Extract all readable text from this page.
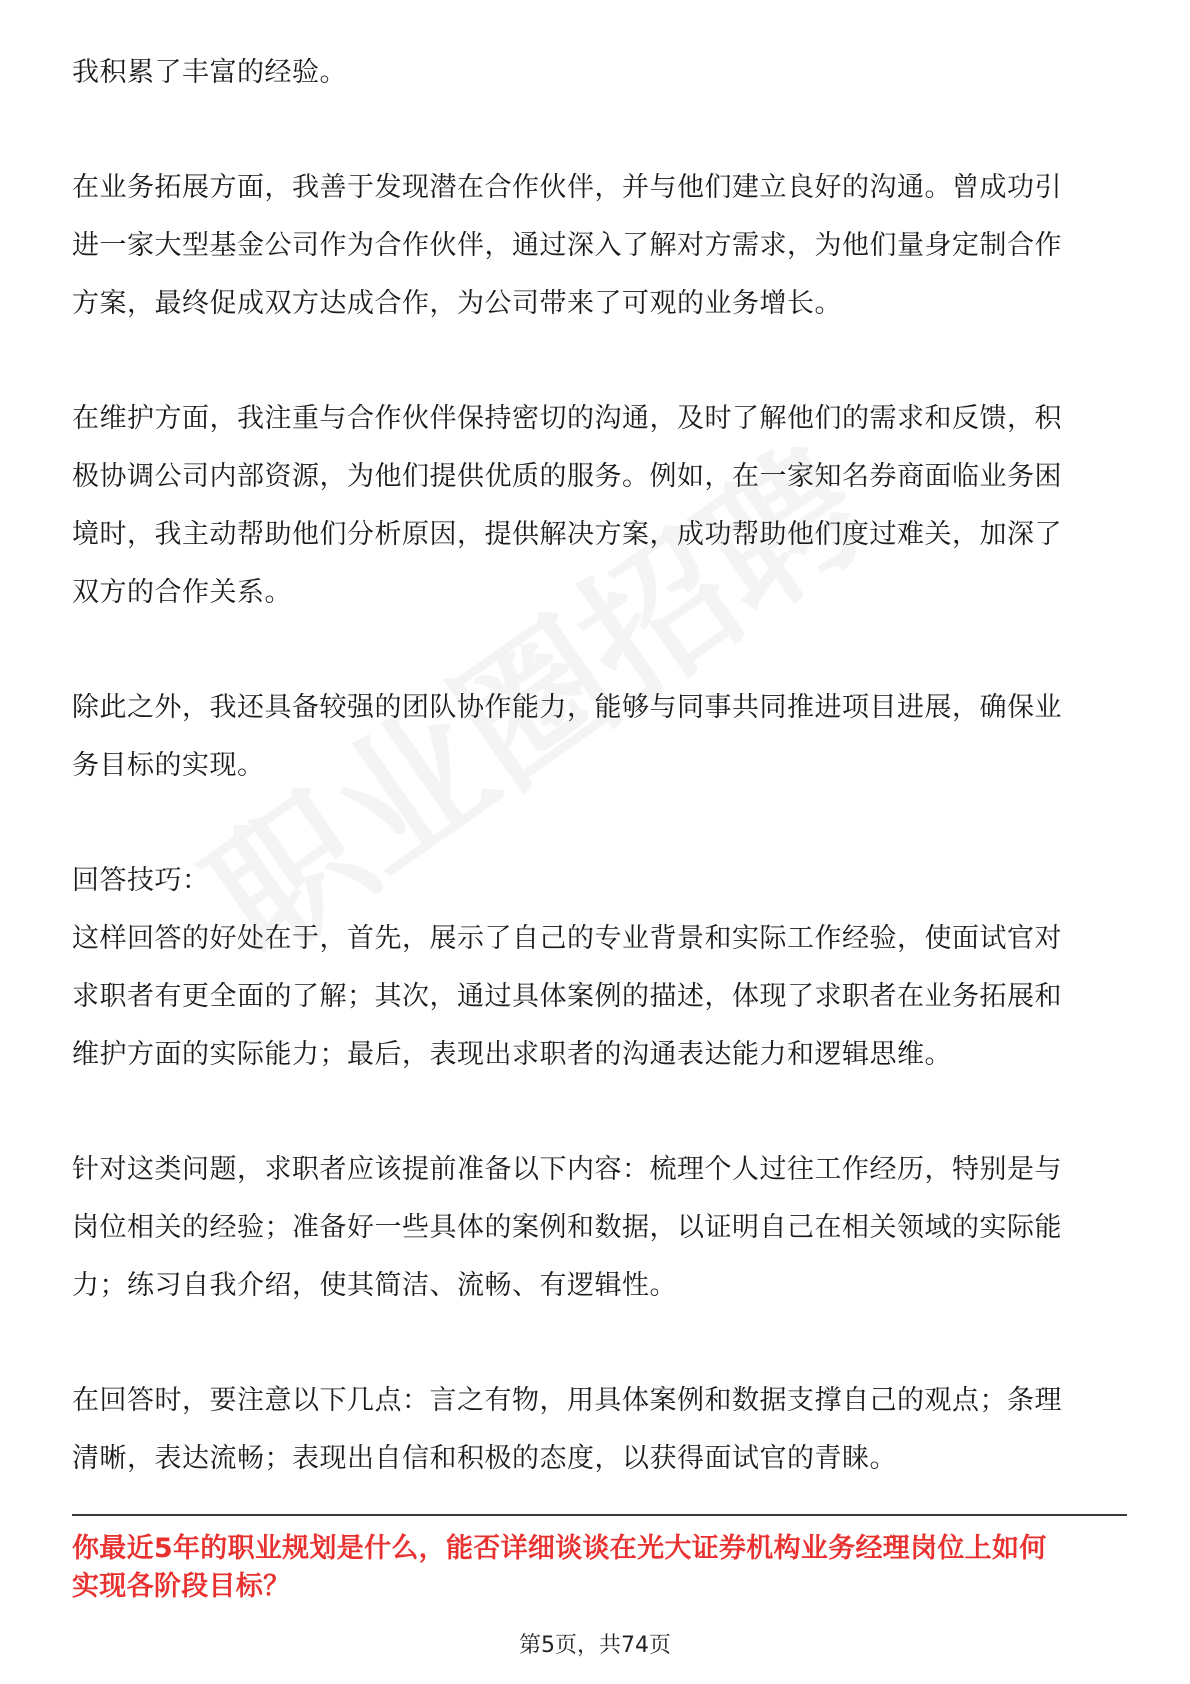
我积累了丰富的经验。

在业务拓展方面，我善于发现潜在合作伙伴，并与他们建立良好的沟通。曾成功引
进一家大型基金公司作为合作伙伴，通过深入了解对方需求，为他们量身定制合作
方案，最终促成双方达成合作，为公司带来了可观的业务增长。

在维护方面，我注重与合作伙伴保持密切的沟通，及时了解他们的需求和反馈，积
极协调公司内部资源，为他们提供优质的服务。例如，在一家知名券商面临业务困
境时，我主动帮助他们分析原因，提供解决方案，成功帮助他们度过难关，加深了
双方的合作关系。

除此之外，我还具备较强的团队协作能力，能够与同事共同推进项目进展，确保业
务目标的实现。

回答技巧：
这样回答的好处在于，首先，展示了自己的专业背景和实际工作经验，使面试官对
求职者有更全面的了解；其次，通过具体案例的描述，体现了求职者在业务拓展和
维护方面的实际能力；最后，表现出求职者的沟通表达能力和逻辑思维。

针对这类问题，求职者应该提前准备以下内容：梳理个人过往工作经历，特别是与
岗位相关的经验；准备好一些具体的案例和数据，以证明自己在相关领域的实际能
力；练习自我介绍，使其简洁、流畅、有逻辑性。

在回答时，要注意以下几点：言之有物，用具体案例和数据支撑自己的观点；条理
清晰，表达流畅；表现出自信和积极的态度，以获得面试官的青睐。

你最近5年的职业规划是什么，能否详细谈谈在光大证券机构业务经理岗位上如何
实现各阶段目标？

第5页，共74页
